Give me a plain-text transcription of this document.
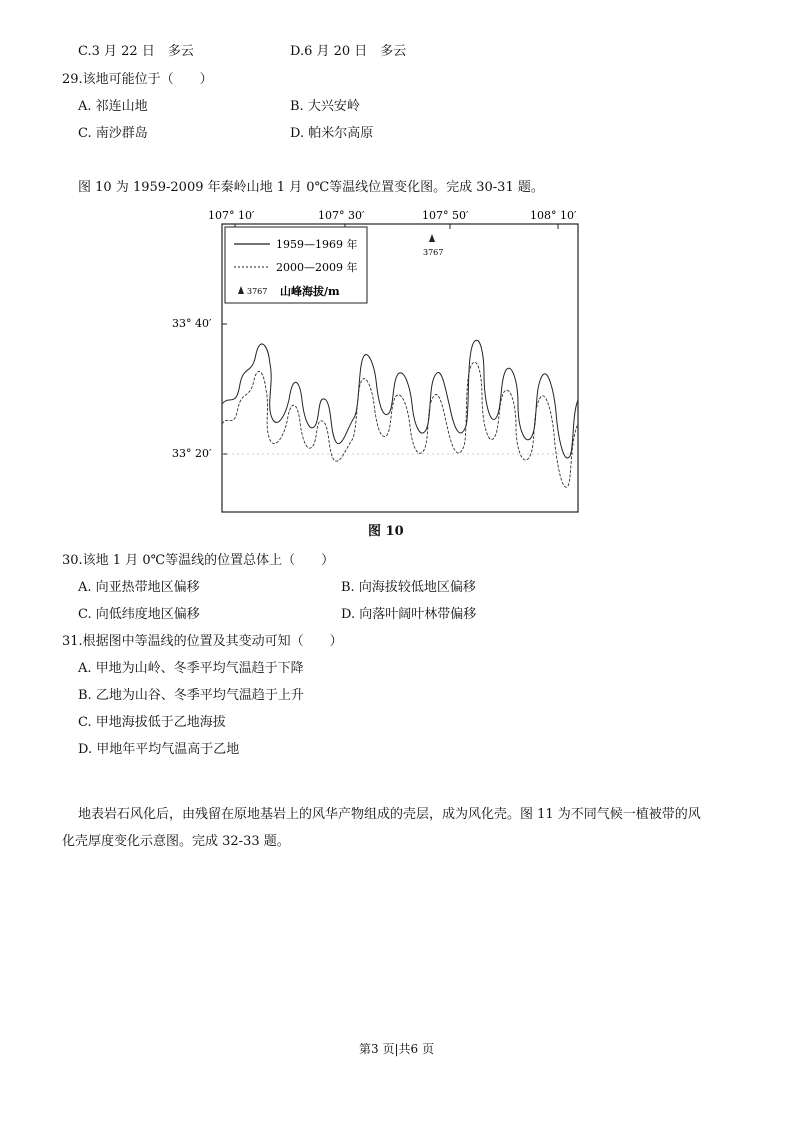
C.3 月 22 日　多云	D.6 月 20 日　多云
29.该地可能位于（　　）
A. 祁连山地	B. 大兴安岭
C. 南沙群岛	D. 帕米尔高原
图 10 为 1959-2009 年秦岭山地 1 月 0℃等温线位置变化图。完成 30-31 题。
107° 10′	107° 30′	107° 50′	108° 10′
33° 40′
33° 20′
1959—1969 年
2000—2009 年
3767 山峰海拔/m
3767
图 10
30.该地 1 月 0℃等温线的位置总体上（　　）
A. 向亚热带地区偏移	B. 向海拔较低地区偏移
C. 向低纬度地区偏移	D. 向落叶阔叶林带偏移
31.根据图中等温线的位置及其变动可知（　　）
A. 甲地为山岭、冬季平均气温趋于下降
B. 乙地为山谷、冬季平均气温趋于上升
C. 甲地海拔低于乙地海拔
D. 甲地年平均气温高于乙地
地表岩石风化后，由残留在原地基岩上的风华产物组成的壳层，成为风化壳。图 11 为不同气候一植被带的风
化壳厚度变化示意图。完成 32-33 题。
第3 页|共6 页
